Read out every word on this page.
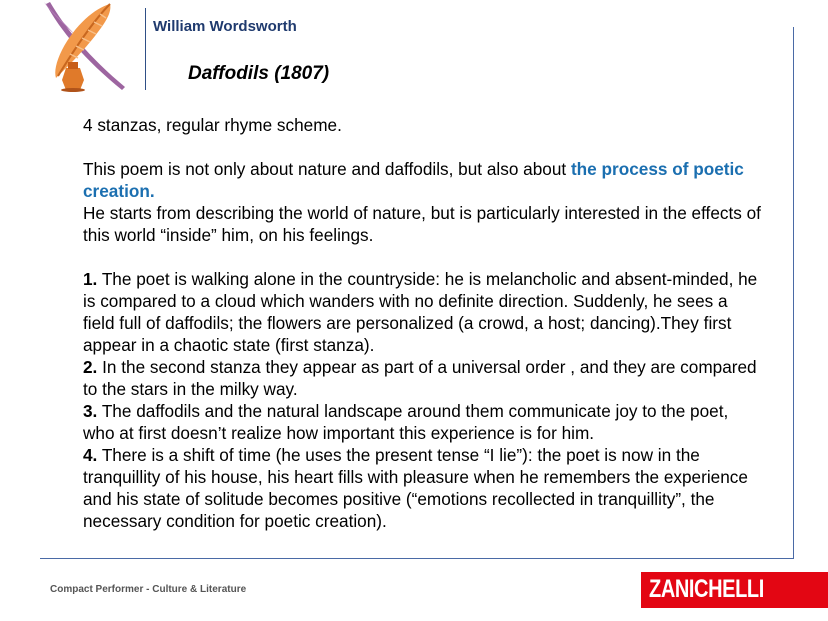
William Wordsworth
Daffodils (1807)

4 stanzas, regular rhyme scheme.

This poem is not only about nature and daffodils, but also about the process of poetic creation.

He starts from describing the world of nature, but is particularly interested in the effects of this world “inside” him, on his feelings.

1. The poet is walking alone in the countryside: he is melancholic and absent-minded, he is compared to a cloud which wanders with no definite direction. Suddenly, he sees a field full of daffodils; the flowers are personalized (a crowd, a host; dancing).They first appear in a chaotic state (first stanza).

2. In the second stanza they appear as part of a universal order , and they are compared to the stars in the milky way.

3. The daffodils and the natural landscape around them communicate joy to the poet, who at first doesn’t realize how important this experience is for him.

4. There is a shift of time (he uses the present tense “I lie”): the poet is now in the tranquillity of his house, his heart fills with pleasure when he remembers the experience and his state of solitude becomes positive (“emotions recollected in tranquillity”, the necessary condition for poetic creation).

Compact Performer - Culture & Literature	ZANICHELLI
